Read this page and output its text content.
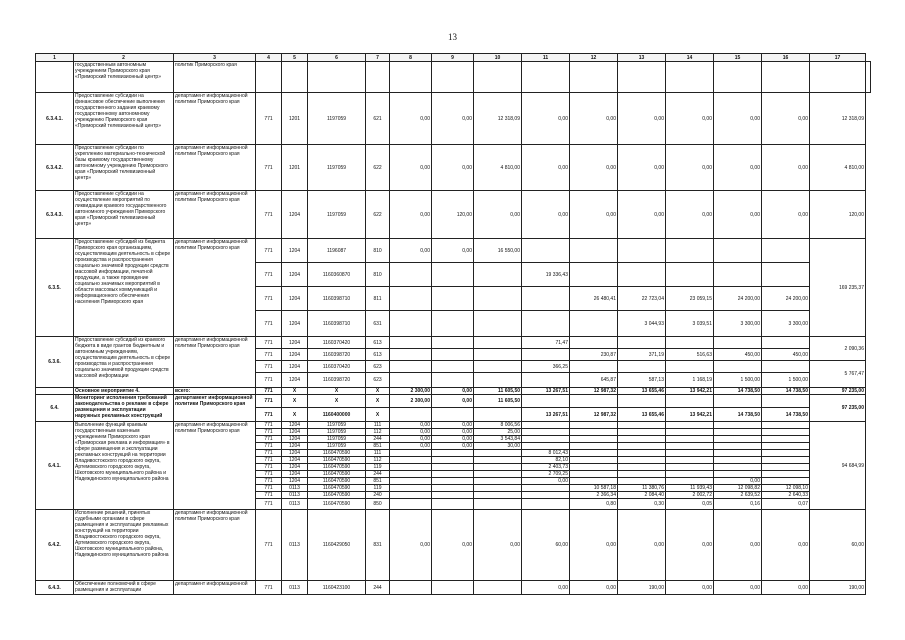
13
1	2	3	4	5	6	7	8	9	10	11	12	13	14	15	16	17	
	государственным автономным учреждением Приморского края «Приморский телевизионный центр»	политик Приморского края															
6.3.4.1.	Предоставление субсидии на финансовое обеспечение выполнения государственного задания краевому государственному автономному учреждению Приморского края «Приморский телевизионный центр»	департамент информационной политики Приморского края	771	1201	1197059	621	0,00	0,00	12 318,09	0,00	0,00	0,00	0,00	0,00	0,00	12 318,09	
6.3.4.2.	Предоставление субсидии по укреплению материально-технической базы краевому государственному автономному учреждению Приморского края «Приморский телевизионный центр»	департамент информационной политики Приморского края	771	1201	1197059	622	0,00	0,00	4 810,00	0,00	0,00	0,00	0,00	0,00	0,00	4 810,00	
6.3.4.3.	Предоставление субсидии на осуществление мероприятий по ликвидации краевого государственного автономного учреждения Приморского края «Приморский телевизионный центр»	департамент информационной политики Приморского края	771	1204	1197059	622	0,00	120,00	0,00	0,00	0,00	0,00	0,00	0,00	0,00	120,00	
6.3.5.	Предоставление субсидий из бюджета Приморского края организациям, осуществляющим деятельность в сфере производства и распространения социально значимой продукции средств массовой информации, печатной продукции, а также проведение социально значимых мероприятий в области массовых коммуникаций и информационного обеспечения населения Приморского края	департамент информационной политики Приморского края	771	1204	1196087	810	0,00	0,00	16 550,00							169 235,37	
			771	1204	1160360870	810				19 336,43							
			771	1204	1160398710	811					26 480,41	22 723,04	23 059,15	24 200,00	24 200,00		
			771	1204	1160398710	631						3 044,93	3 039,51	3 300,00	3 300,00		
6.3.6.	Предоставление субсидий из краевого бюджета в виде грантов бюджетным и автономным учреждениям, осуществляющим деятельность в сфере производства и распространения социально значимой продукции средств массовой информации	департамент информационной политики Приморского края	771	1204	1160370420	613				71,47						2 090,36	
			771	1204	1160398720	613					230,87	371,19	516,63	450,00	450,00		
			771	1204	1160370420	623				366,25						5 767,47	
			771	1204	1160398720	623					645,87	587,13	1 168,19	1 500,00	1 500,00		
	Основное мероприятие 4.	всего:	771	X	X	X	2 300,00	0,00	11 605,50	13 267,51	12 987,32	13 655,46	13 942,21	14 738,50	14 738,50	97 235,00	
6.4.	Мониторинг исполнения требований законодательства о рекламе в сфере размещения и эксплуатации наружных рекламных конструкций	департамент информационной политики Приморского края	771	X	X	X	2 300,00	0,00	11 605,50							97 235,00	
			771	X	1160400000	X				13 267,51	12 987,32	13 655,46	13 942,21	14 738,50	14 738,50		
6.4.1.	Выполнение функций краевым государственным казенным учреждением Приморского края «Приморская реклама и информация» в сфере размещения и эксплуатации рекламных конструкций на территории Владивостокского городского округа, Артемовского городского округа, Шкотовского муниципального района и Надеждинского муниципального района	департамент информационной политики Приморского края	771	1204	1197059	111	0,00	0,00	8 006,56							94 684,99	
			771	1204	1197059	112	0,00	0,00	25,00								
			771	1204	1197059	244	0,00	0,00	3 543,84								
			771	1204	1197059	851	0,00	0,00	30,00								
			771	1204	1160470590	111				8 012,43							
			771	1204	1160470590	112				82,10							
			771	1204	1160470590	119				2 403,73							
			771	1204	1160470590	244				2 709,25							
			771	1204	1160470590	851				0,00				0,00			
			771	0113	1160470590	119					10 587,18	11 380,76	11 939,43	12 098,82	12 098,10		
			771	0113	1160470590	240					2 366,34	2 084,40	2 002,72	2 639,52	2 640,33		
			771	0113	1160470590	850					0,80	0,30	0,05	0,16	0,07		
6.4.2.	Исполнение решений, принятых судебными органами в сфере размещения и эксплуатации рекламных конструкций на территории Владивостокского городского округа, Артемовского городского округа, Шкотовского муниципального района, Надеждинского муниципального района	департамент информационной политики Приморского края	771	0113	1160429050	831	0,00	0,00	0,00	60,00	0,00	0,00	0,00	0,00	0,00	60,00	
6.4.3.	Обеспечение полномочий в сфере размещения и эксплуатации	департамент информационной	771	0113	1160423100	244				0,00	0,00	190,00	0,00	0,00	0,00	190,00	
